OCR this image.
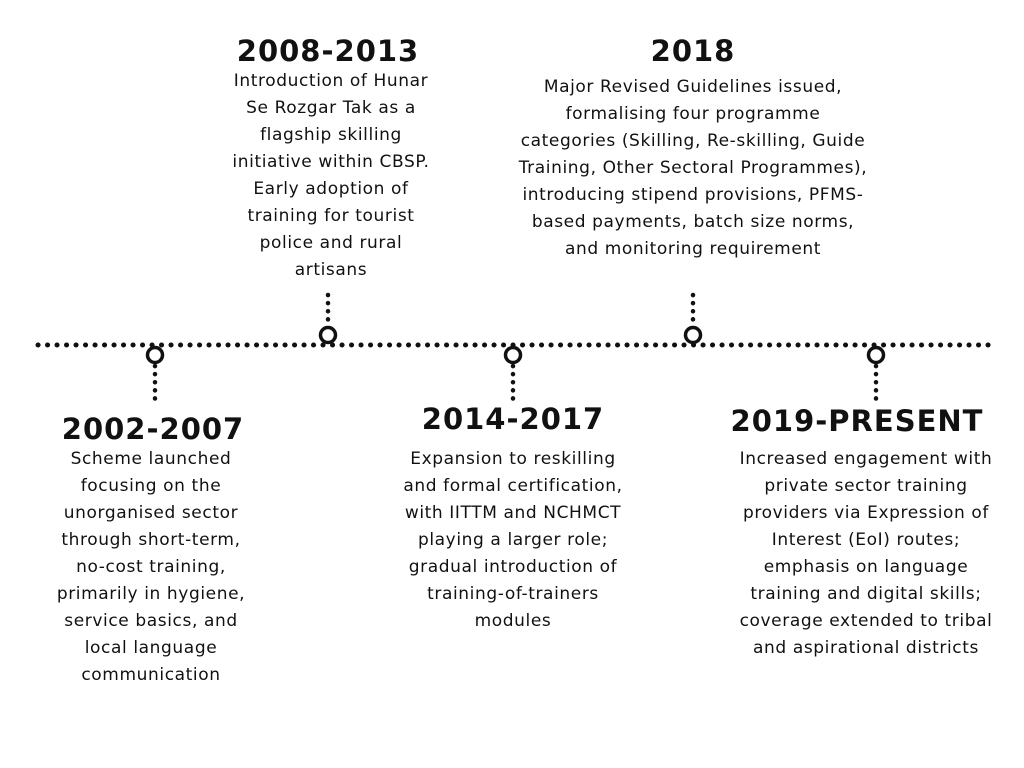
2008-2013
Introduction of Hunar Se Rozgar Tak as a flagship skilling initiative within CBSP. Early adoption of training for tourist police and rural artisans
2018
Major Revised Guidelines issued, formalising four programme categories (Skilling, Re-skilling, Guide Training, Other Sectoral Programmes), introducing stipend provisions, PFMS-based payments, batch size norms, and monitoring requirement
2002-2007
Scheme launched focusing on the unorganised sector through short-term, no-cost training, primarily in hygiene, service basics, and local language communication
2014-2017
Expansion to reskilling and formal certification, with IITTM and NCHMCT playing a larger role; gradual introduction of training-of-trainers modules
2019-PRESENT
Increased engagement with private sector training providers via Expression of Interest (EoI) routes; emphasis on language training and digital skills; coverage extended to tribal and aspirational districts
